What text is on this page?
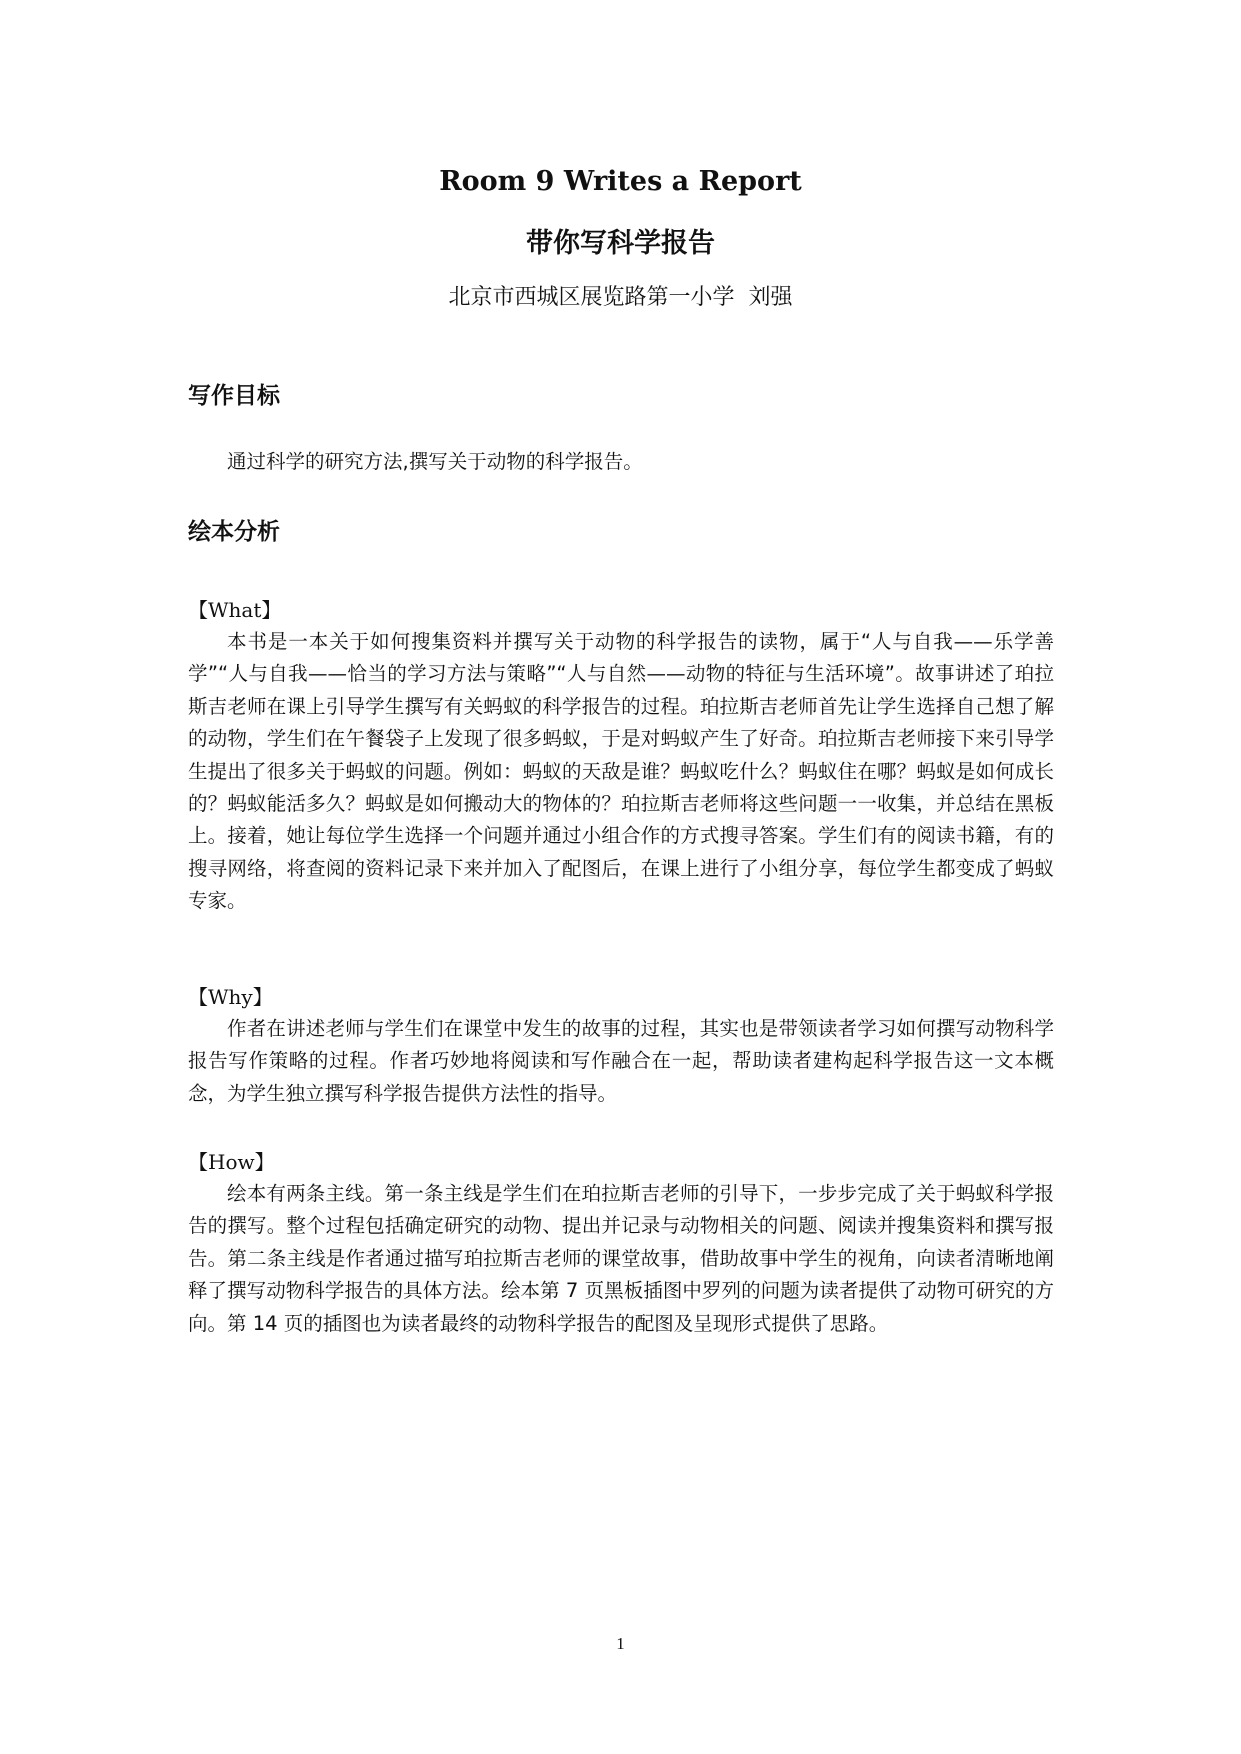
Room 9 Writes a Report
带你写科学报告
北京市西城区展览路第一小学  刘强
写作目标

通过科学的研究方法,撰写关于动物的科学报告。

绘本分析
【What】

本书是一本关于如何搜集资料并撰写关于动物的科学报告的读物，属于“人与自我——乐学善学”“人与自我——恰当的学习方法与策略”“人与自然——动物的特征与生活环境”。故事讲述了珀拉斯吉老师在课上引导学生撰写有关蚂蚁的科学报告的过程。珀拉斯吉老师首先让学生选择自己想了解的动物，学生们在午餐袋子上发现了很多蚂蚁，于是对蚂蚁产生了好奇。珀拉斯吉老师接下来引导学生提出了很多关于蚂蚁的问题。例如：蚂蚁的天敌是谁？蚂蚁吃什么？蚂蚁住在哪？蚂蚁是如何成长的？蚂蚁能活多久？蚂蚁是如何搬动大的物体的？珀拉斯吉老师将这些问题一一收集，并总结在黑板上。接着，她让每位学生选择一个问题并通过小组合作的方式搜寻答案。学生们有的阅读书籍，有的搜寻网络，将查阅的资料记录下来并加入了配图后，在课上进行了小组分享，每位学生都变成了蚂蚁专家。

【Why】

作者在讲述老师与学生们在课堂中发生的故事的过程，其实也是带领读者学习如何撰写动物科学报告写作策略的过程。作者巧妙地将阅读和写作融合在一起，帮助读者建构起科学报告这一文本概念，为学生独立撰写科学报告提供方法性的指导。

【How】

绘本有两条主线。第一条主线是学生们在珀拉斯吉老师的引导下，一步步完成了关于蚂蚁科学报告的撰写。整个过程包括确定研究的动物、提出并记录与动物相关的问题、阅读并搜集资料和撰写报告。第二条主线是作者通过描写珀拉斯吉老师的课堂故事，借助故事中学生的视角，向读者清晰地阐释了撰写动物科学报告的具体方法。绘本第 7 页黑板插图中罗列的问题为读者提供了动物可研究的方向。第 14 页的插图也为读者最终的动物科学报告的配图及呈现形式提供了思路。

1
